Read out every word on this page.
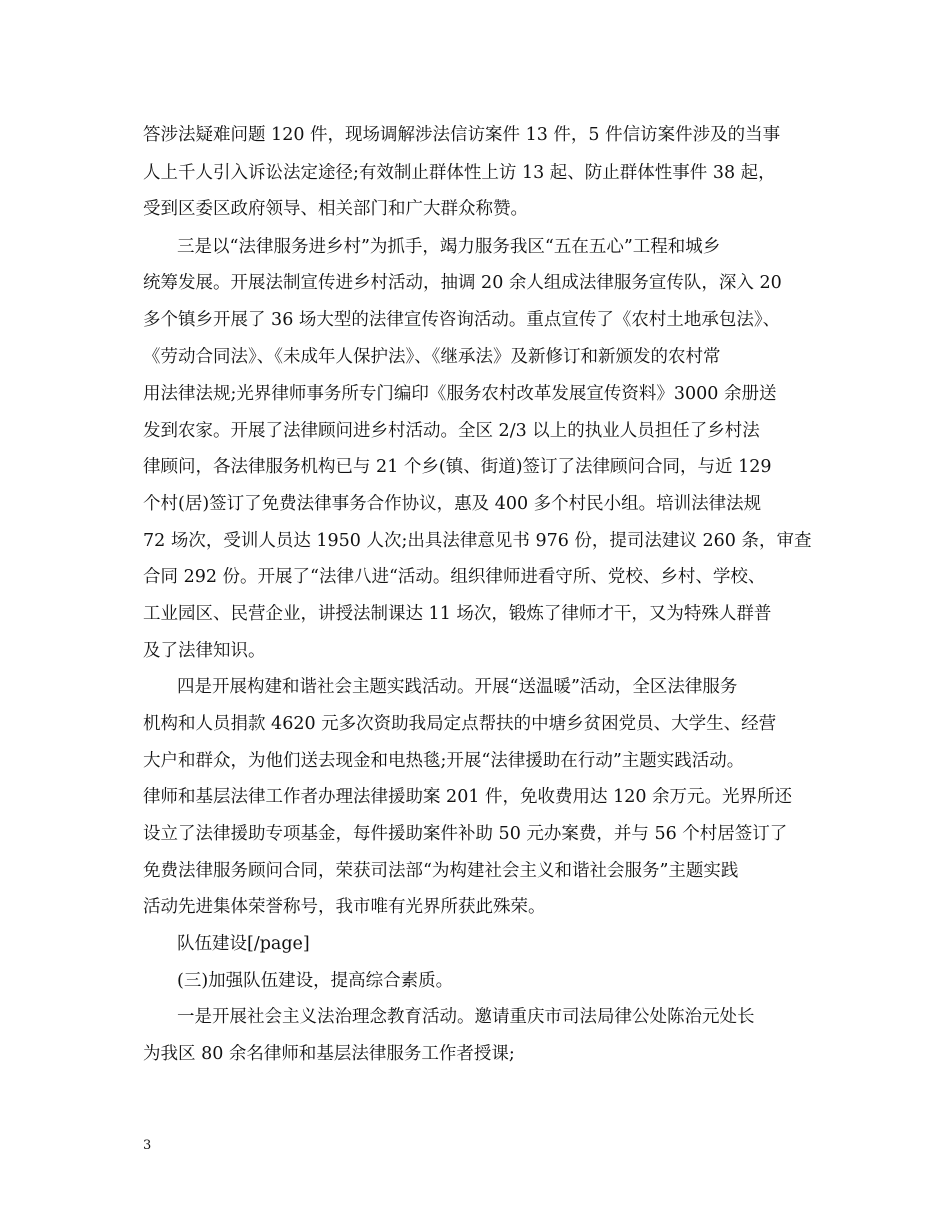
答涉法疑难问题 120 件，现场调解涉法信访案件 13 件，5 件信访案件涉及的当事
人上千人引入诉讼法定途径;有效制止群体性上访 13 起、防止群体性事件 38 起，
受到区委区政府领导、相关部门和广大群众称赞。
三是以“法律服务进乡村”为抓手，竭力服务我区“五在五心”工程和城乡
统筹发展。开展法制宣传进乡村活动，抽调 20 余人组成法律服务宣传队，深入 20
多个镇乡开展了 36 场大型的法律宣传咨询活动。重点宣传了《农村土地承包法》、
《劳动合同法》、《未成年人保护法》、《继承法》及新修订和新颁发的农村常
用法律法规;光界律师事务所专门编印《服务农村改革发展宣传资料》3000 余册送
发到农家。开展了法律顾问进乡村活动。全区 2/3 以上的执业人员担任了乡村法
律顾问，各法律服务机构已与 21 个乡(镇、街道)签订了法律顾问合同，与近 129
个村(居)签订了免费法律事务合作协议，惠及 400 多个村民小组。培训法律法规
72 场次，受训人员达 1950 人次;出具法律意见书 976 份，提司法建议 260 条，审查
合同 292 份。开展了“法律八进“活动。组织律师进看守所、党校、乡村、学校、
工业园区、民营企业，讲授法制课达 11 场次，锻炼了律师才干，又为特殊人群普
及了法律知识。
四是开展构建和谐社会主题实践活动。开展“送温暖”活动，全区法律服务
机构和人员捐款 4620 元多次资助我局定点帮扶的中塘乡贫困党员、大学生、经营
大户和群众，为他们送去现金和电热毯;开展“法律援助在行动”主题实践活动。
律师和基层法律工作者办理法律援助案 201 件，免收费用达 120 余万元。光界所还
设立了法律援助专项基金，每件援助案件补助 50 元办案费，并与 56 个村居签订了
免费法律服务顾问合同，荣获司法部“为构建社会主义和谐社会服务”主题实践
活动先进集体荣誉称号，我市唯有光界所获此殊荣。
队伍建设[/page]
(三)加强队伍建设，提高综合素质。
一是开展社会主义法治理念教育活动。邀请重庆市司法局律公处陈治元处长
为我区 80 余名律师和基层法律服务工作者授课;
3
